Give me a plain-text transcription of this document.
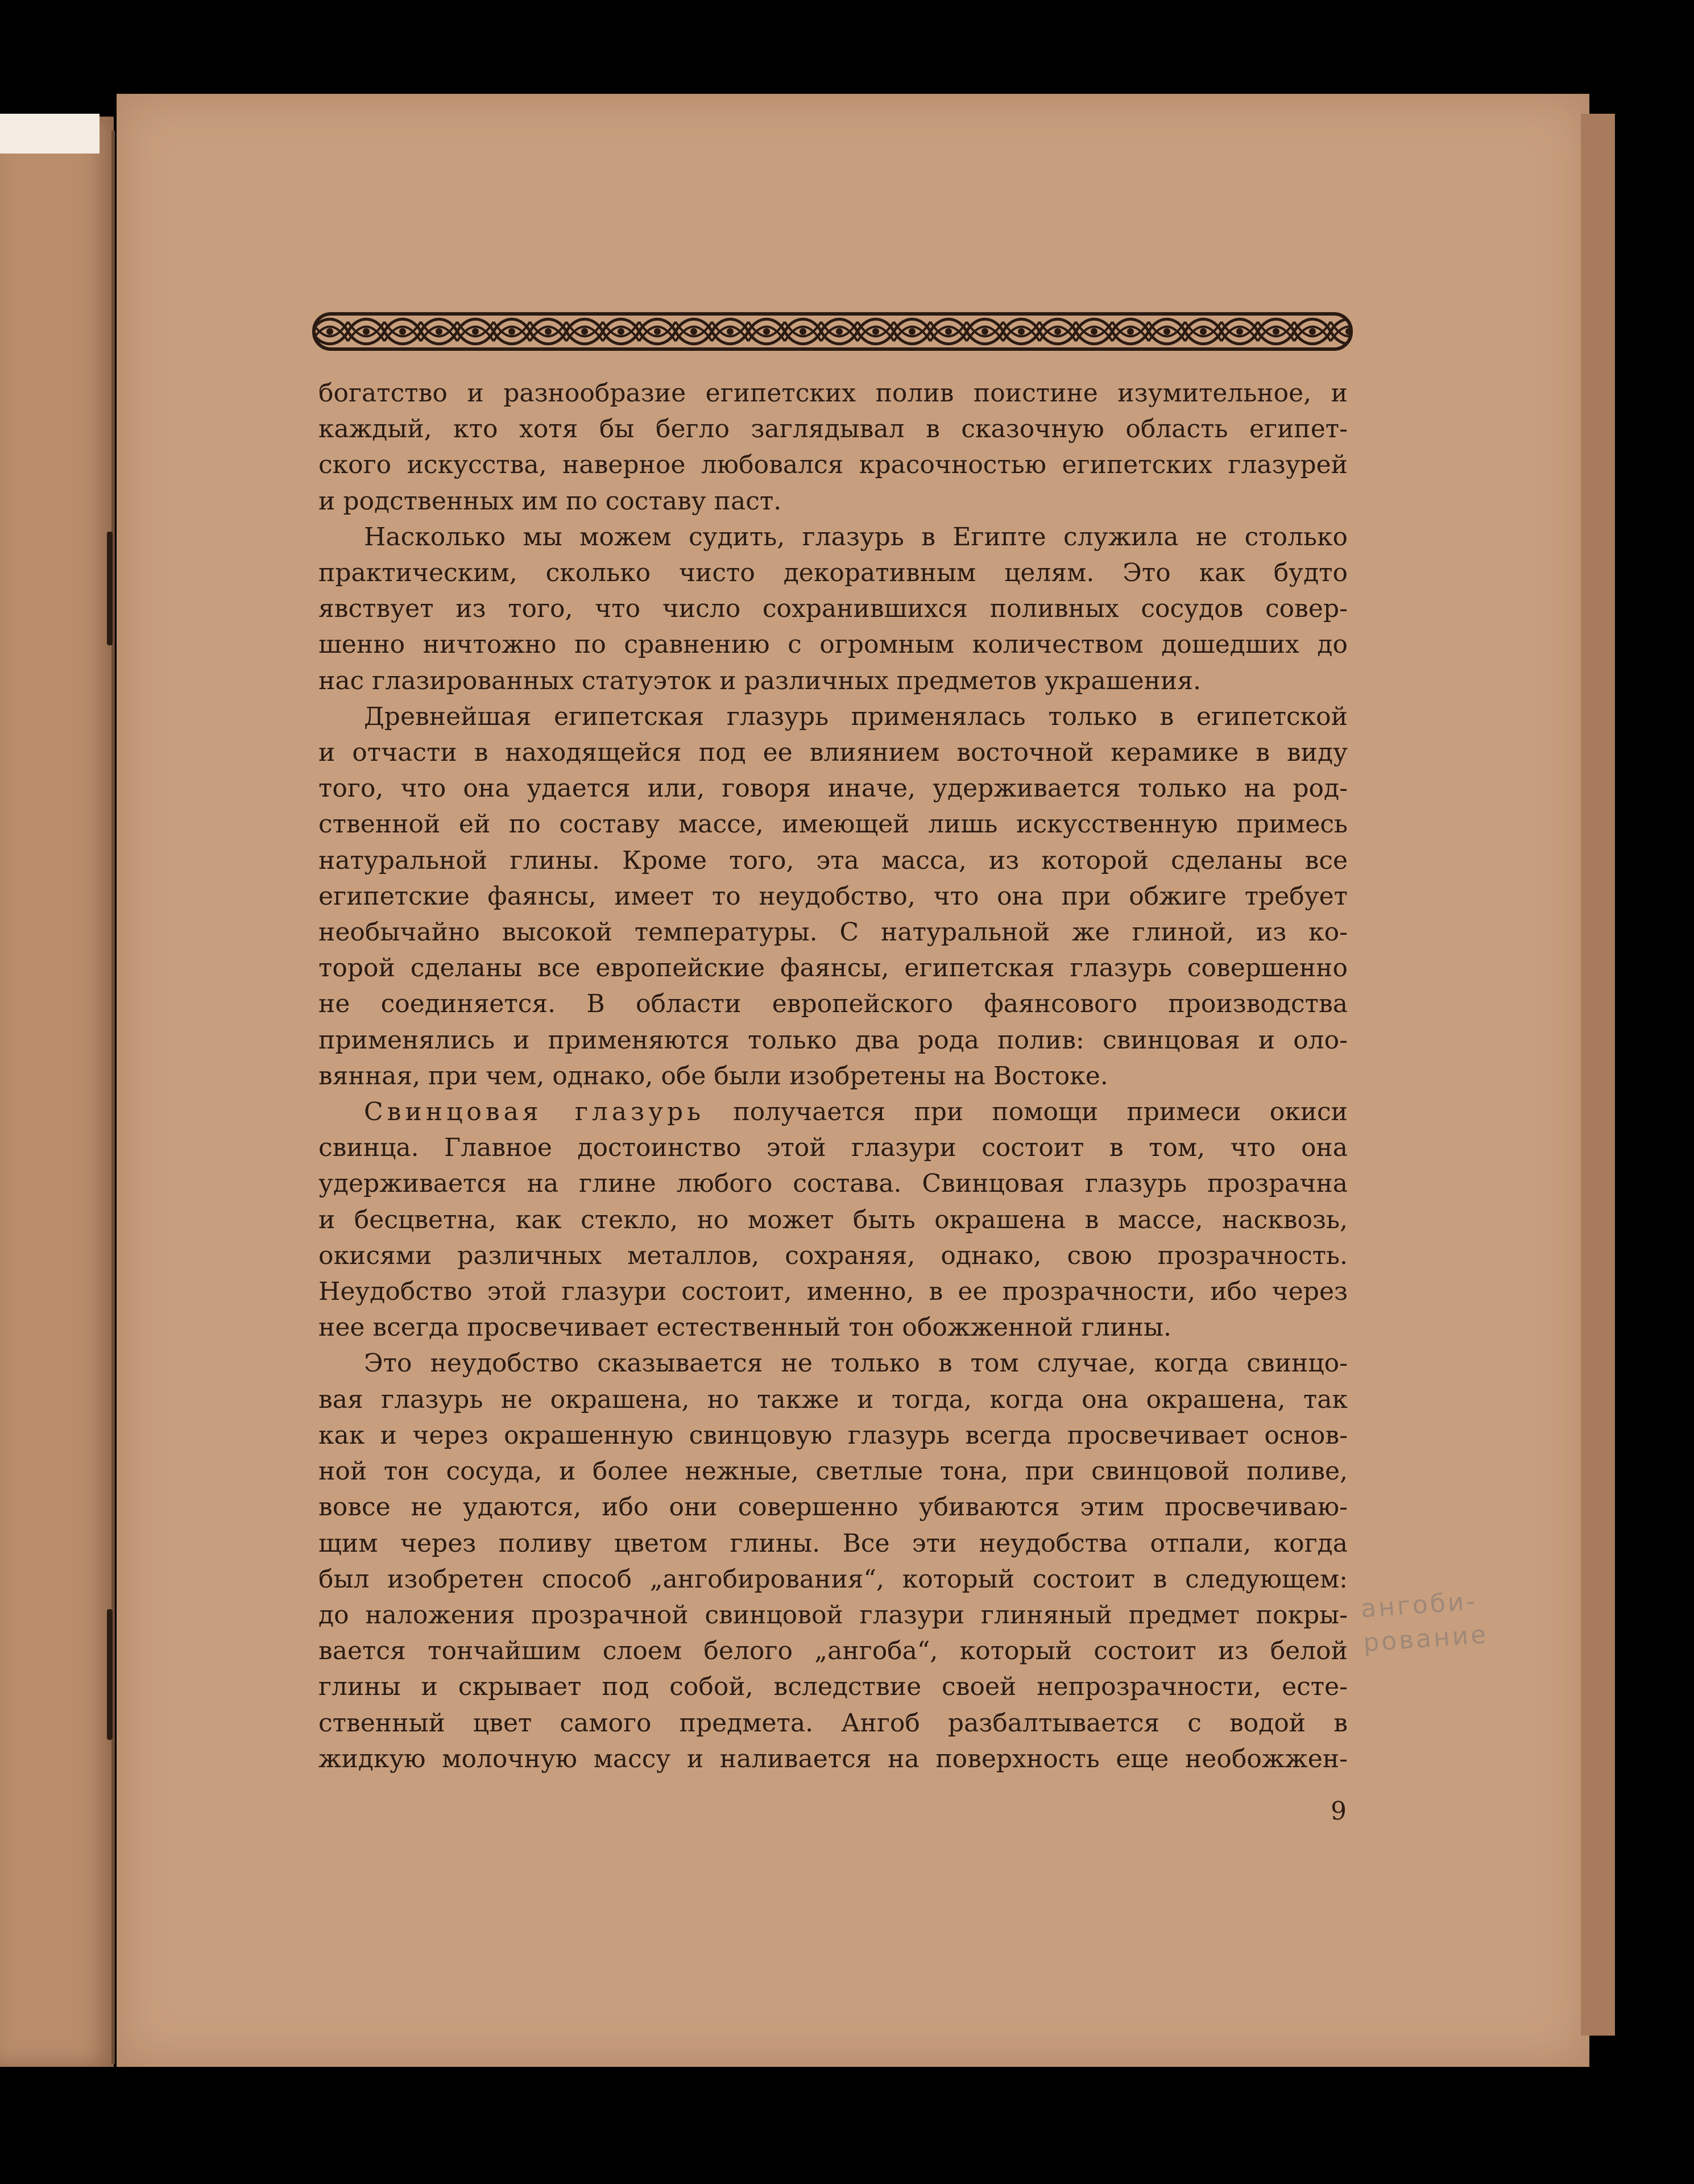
богатство и разнообразие египетских полив поистине изумительное, и

каждый, кто хотя бы бегло заглядывал в сказочную область египет-

ского искусства, наверное любовался красочностью египетских глазурей

и родственных им по составу паст.

Насколько мы можем судить, глазурь в Египте служила не столько

практическим, сколько чисто декоративным целям. Это как будто

явствует из того, что число сохранившихся поливных сосудов совер-

шенно ничтожно по сравнению с огромным количеством дошедших до

нас глазированных статуэток и различных предметов украшения.

Древнейшая египетская глазурь применялась только в египетской

и отчасти в находящейся под ее влиянием восточной керамике в виду

того, что она удается или, говоря иначе, удерживается только на род-

ственной ей по составу массе, имеющей лишь искусственную примесь

натуральной глины. Кроме того, эта масса, из которой сделаны все

египетские фаянсы, имеет то неудобство, что она при обжиге требует

необычайно высокой температуры. С натуральной же глиной, из ко-

торой сделаны все европейские фаянсы, египетская глазурь совершенно

не соединяется. В области европейского фаянсового производства

применялись и применяются только два рода полив: свинцовая и оло-

вянная, при чем, однако, обе были изобретены на Востоке.

Свинцовая глазурь получается при помощи примеси окиси

свинца. Главное достоинство этой глазури состоит в том, что она

удерживается на глине любого состава. Свинцовая глазурь прозрачна

и бесцветна, как стекло, но может быть окрашена в массе, насквозь,

окисями различных металлов, сохраняя, однако, свою прозрачность.

Неудобство этой глазури состоит, именно, в ее прозрачности, ибо через

нее всегда просвечивает естественный тон обожженной глины.

Это неудобство сказывается не только в том случае, когда свинцо-

вая глазурь не окрашена, но также и тогда, когда она окрашена, так

как и через окрашенную свинцовую глазурь всегда просвечивает основ-

ной тон сосуда, и более нежные, светлые тона, при свинцовой поливе,

вовсе не удаются, ибо они совершенно убиваются этим просвечиваю-

щим через поливу цветом глины. Все эти неудобства отпали, когда

был изобретен способ „ангобирования“, который состоит в следующем:

до наложения прозрачной свинцовой глазури глиняный предмет покры-

вается тончайшим слоем белого „ангоба“, который состоит из белой

глины и скрывает под собой, вследствие своей непрозрачности, есте-

ственный цвет самого предмета. Ангоб разбалтывается с водой в

жидкую молочную массу и наливается на поверхность еще необожжен-

ангоби-
рование
9
